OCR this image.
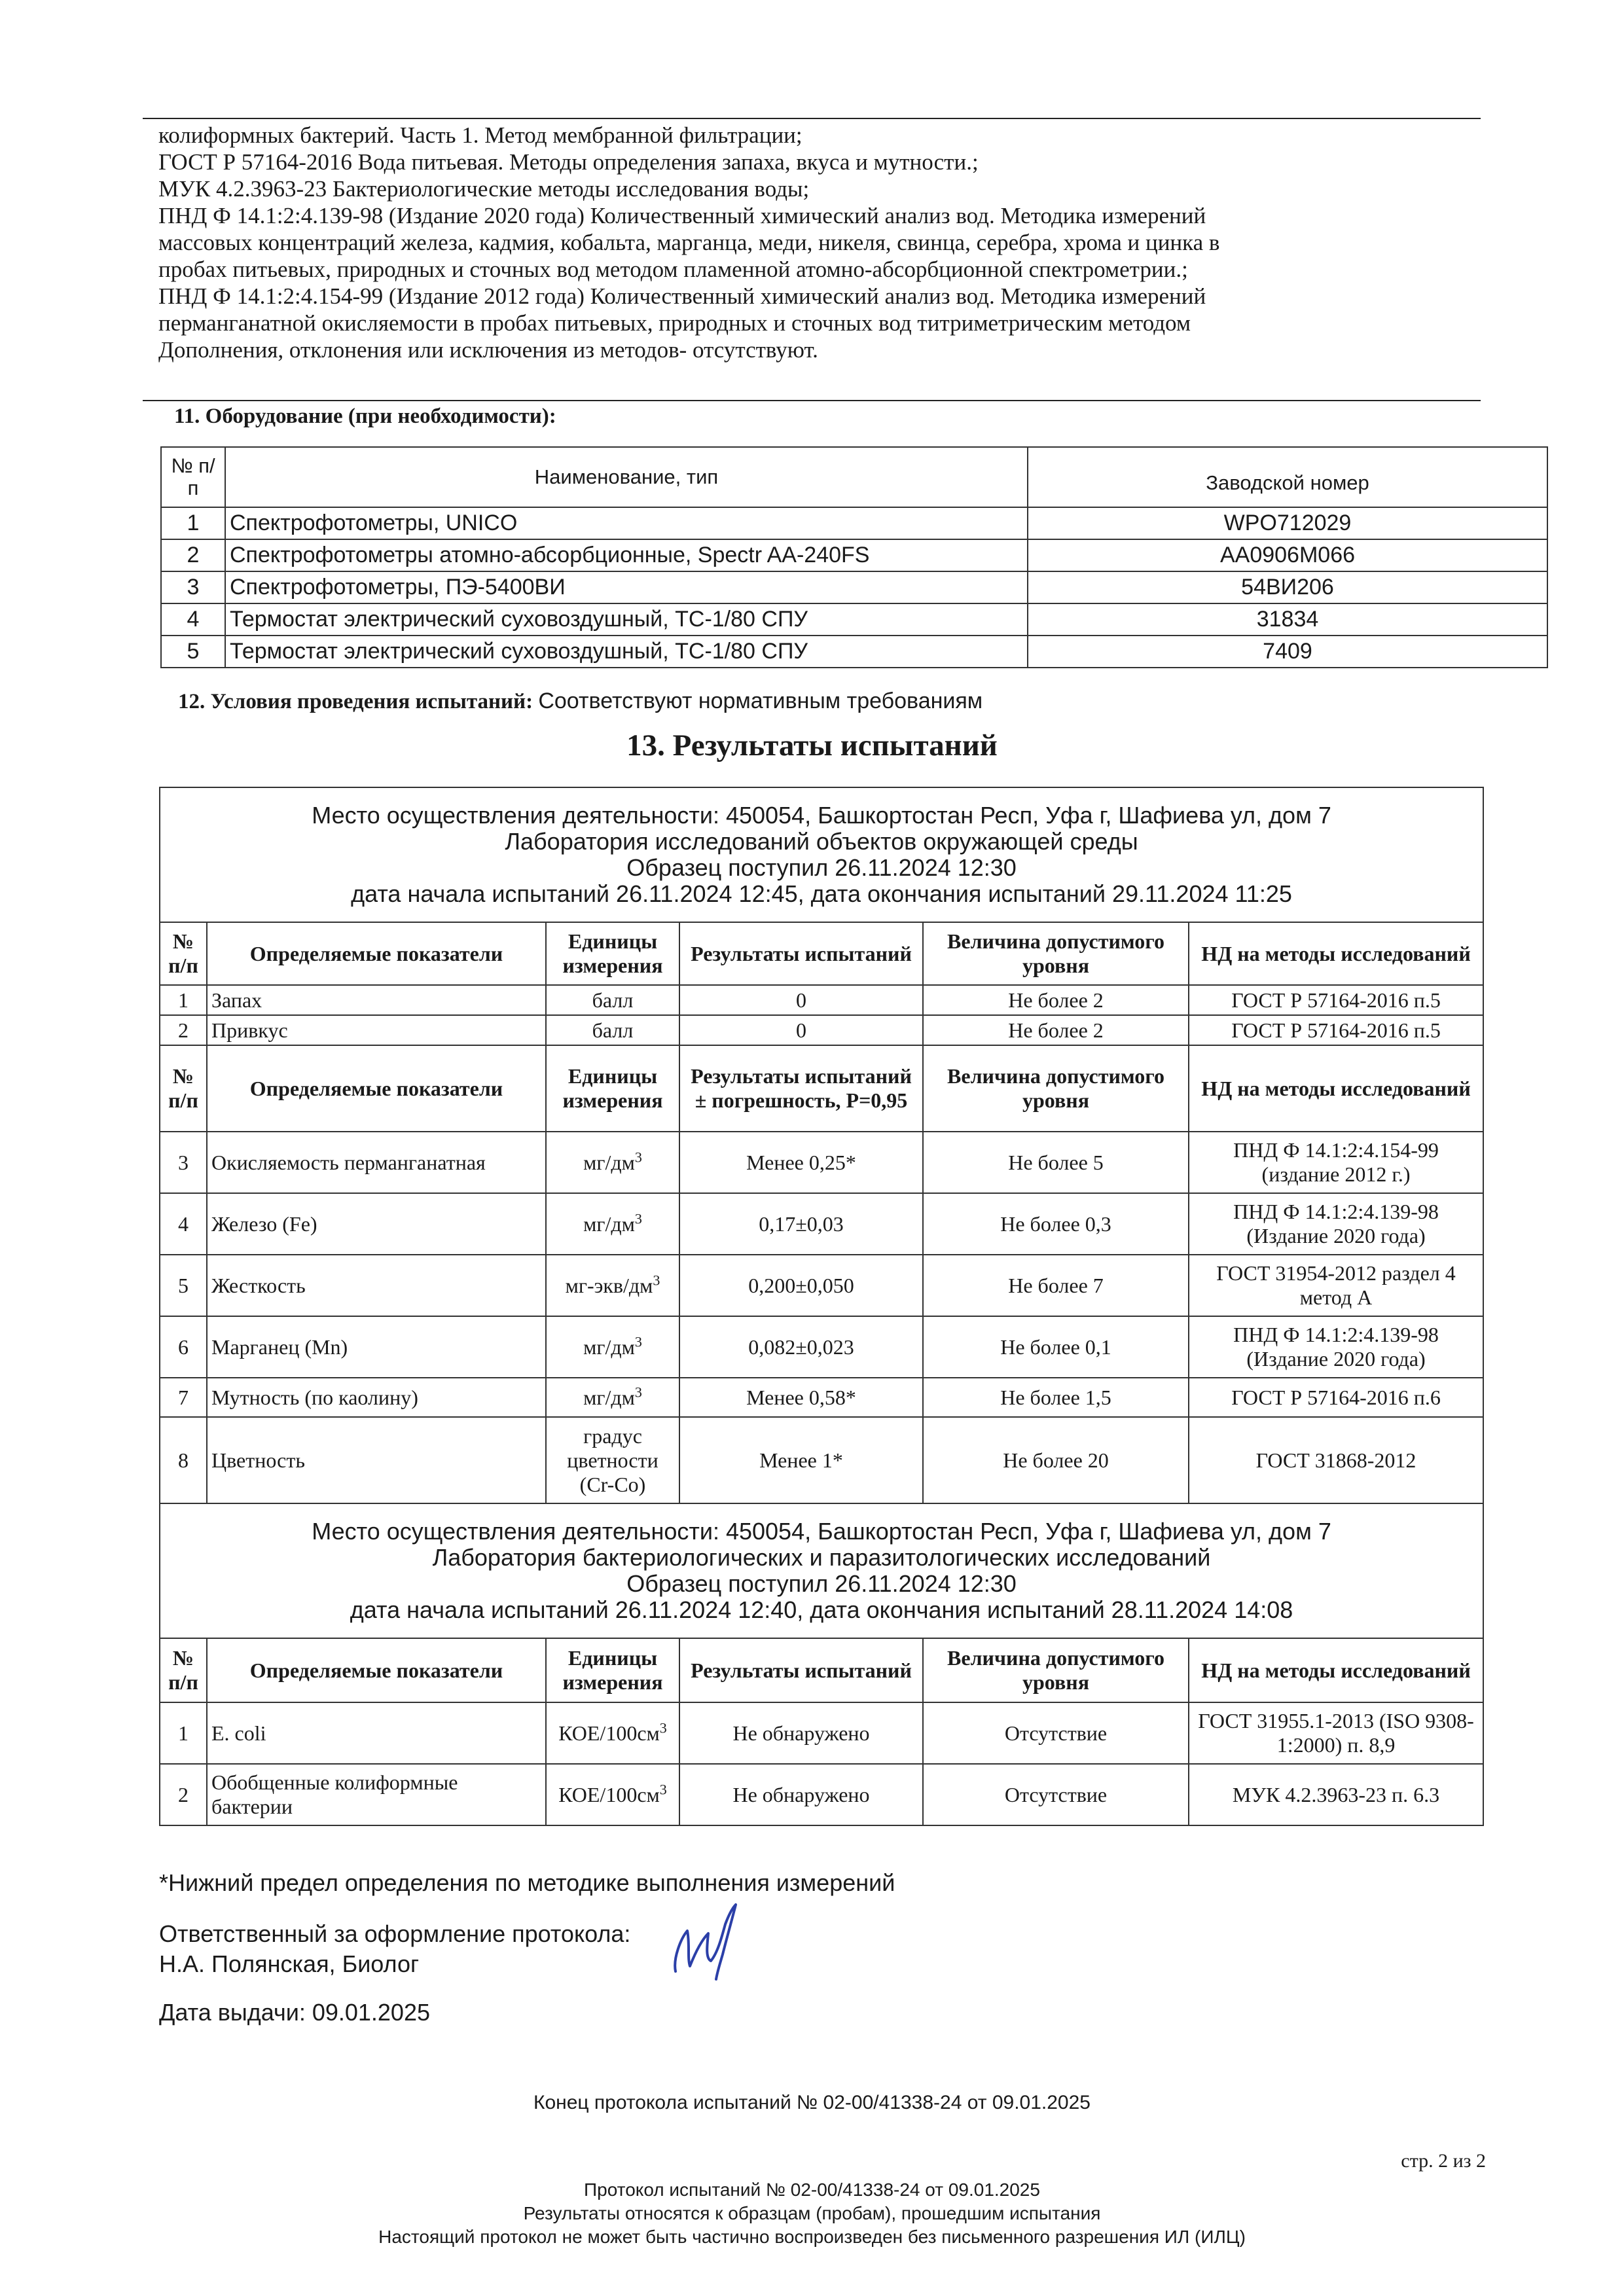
колиформных бактерий. Часть 1. Метод мембранной фильтрации;
ГОСТ Р 57164-2016 Вода питьевая. Методы определения запаха, вкуса и мутности.;
МУК 4.2.3963-23 Бактериологические методы исследования воды;
ПНД Ф 14.1:2:4.139-98 (Издание 2020 года) Количественный химический анализ вод. Методика измерений
массовых концентраций железа, кадмия, кобальта, марганца, меди, никеля, свинца, серебра, хрома и цинка в
пробах питьевых, природных и сточных вод методом пламенной атомно-абсорбционной спектрометрии.;
ПНД Ф 14.1:2:4.154-99 (Издание 2012 года) Количественный химический анализ вод. Методика измерений
перманганатной окисляемости в пробах питьевых, природных и сточных вод титриметрическим методом
Дополнения, отклонения или исключения из методов- отсутствуют.
11. Оборудование (при необходимости):
№ п/п	Наименование, тип	Заводской номер
1	Спектрофотометры, UNICO	WPO712029
2	Спектрофотометры атомно-абсорбционные, Spectr AA-240FS	AA0906M066
3	Спектрофотометры, ПЭ-5400ВИ	54ВИ206
4	Термостат электрический суховоздушный, ТС-1/80 СПУ	31834
5	Термостат электрический суховоздушный, ТС-1/80 СПУ	7409
12. Условия проведения испытаний: Соответствуют нормативным требованиям
13. Результаты испытаний
Место осуществления деятельности: 450054, Башкортостан Респ, Уфа г, Шафиева ул, дом 7
Лаборатория исследований объектов окружающей среды
Образец поступил 26.11.2024 12:30
дата начала испытаний 26.11.2024 12:45, дата окончания испытаний 29.11.2024 11:25					

№ п/п	Определяемые показатели	Единицы измерения	Результаты испытаний	Величина допустимого уровня	НД на методы исследований
1	Запах	балл	0	Не более 2	ГОСТ Р 57164-2016 п.5
2	Привкус	балл	0	Не более 2	ГОСТ Р 57164-2016 п.5
№ п/п	Определяемые показатели	Единицы измерения	Результаты испытаний ± погрешность, P=0,95	Величина допустимого уровня	НД на методы исследований
3	Окисляемость перманганатная	$мг/дм^3$	Менее 0,25*	Не более 5	ПНД Ф 14.1:2:4.154-99 (издание 2012 г.)
4	Железо (Fe)	$мг/дм^3$	0,17±0,03	Не более 0,3	ПНД Ф 14.1:2:4.139-98 (Издание 2020 года)
5	Жесткость	$мг-экв/дм^3$	0,200±0,050	Не более 7	ГОСТ 31954-2012 раздел 4 метод А
6	Марганец (Mn)	$мг/дм^3$	0,082±0,023	Не более 0,1	ПНД Ф 14.1:2:4.139-98 (Издание 2020 года)
7	Мутность (по каолину)	$мг/дм^3$	Менее 0,58*	Не более 1,5	ГОСТ Р 57164-2016 п.6
8	Цветность	градус цветности (Cr-Co)	Менее 1*	Не более 20	ГОСТ 31868-2012

Место осуществления деятельности: 450054, Башкортостан Респ, Уфа г, Шафиева ул, дом 7
Лаборатория бактериологических и паразитологических исследований
Образец поступил 26.11.2024 12:30
дата начала испытаний 26.11.2024 12:40, дата окончания испытаний 28.11.2024 14:08					

№ п/п	Определяемые показатели	Единицы измерения	Результаты испытаний	Величина допустимого уровня	НД на методы исследований
1	E. coli	КОЕ/$100см^3$	Не обнаружено	Отсутствие	ГОСТ 31955.1-2013 (ISO 9308-1:2000) п. 8,9
2	Обобщенные колиформные бактерии	КОЕ/$100см^3$	Не обнаружено	Отсутствие	МУК 4.2.3963-23 п. 6.3
*Нижний предел определения по методике выполнения измерений
Ответственный за оформление протокола:
Н.А. Полянская, Биолог
Дата выдачи: 09.01.2025
Конец протокола испытаний № 02-00/41338-24 от 09.01.2025
стр. 2 из 2
Протокол испытаний № 02-00/41338-24 от 09.01.2025
Результаты относятся к образцам (пробам), прошедшим испытания
Настоящий протокол не может быть частично воспроизведен без письменного разрешения ИЛ (ИЛЦ)
